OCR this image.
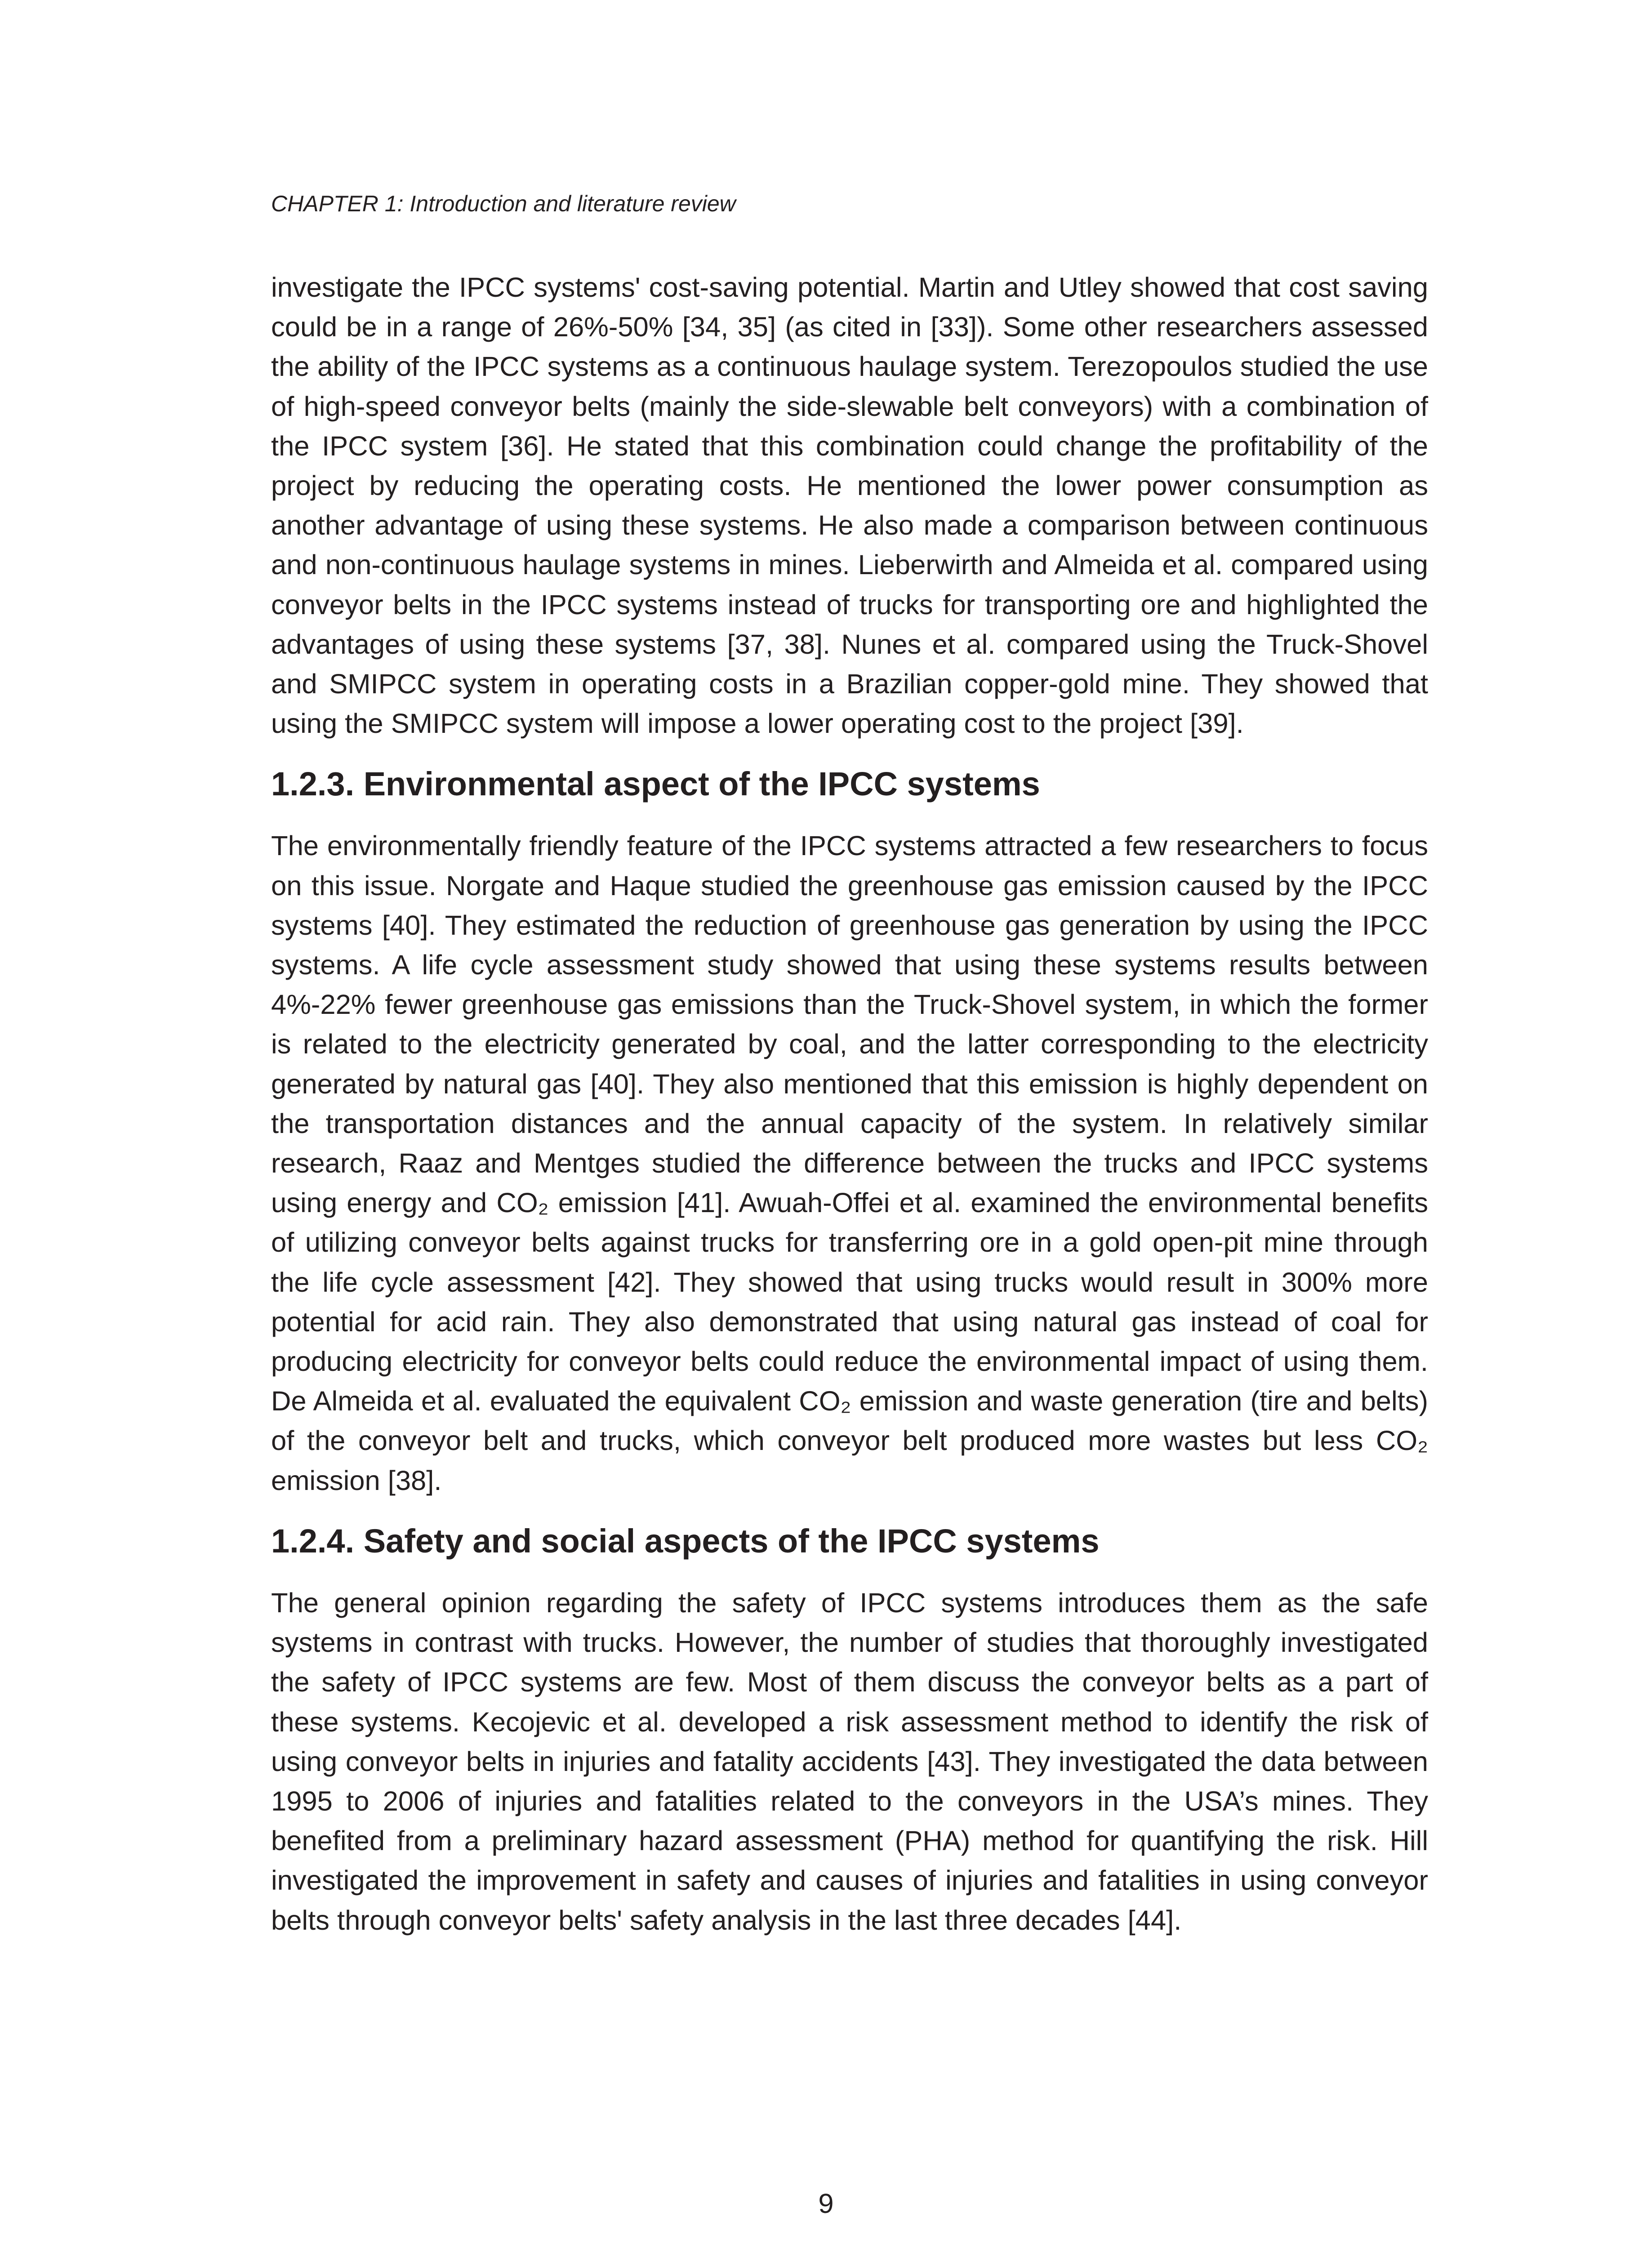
CHAPTER 1: Introduction and literature review

investigate the IPCC systems' cost-saving potential. Martin and Utley showed that cost saving could be in a range of 26%-50% [34, 35] (as cited in [33]). Some other researchers assessed the ability of the IPCC systems as a continuous haulage system. Terezopoulos studied the use of high-speed conveyor belts (mainly the side-slewable belt conveyors) with a combination of the IPCC system [36]. He stated that this combination could change the profitability of the project by reducing the operating costs. He mentioned the lower power consumption as another advantage of using these systems. He also made a comparison between continuous and non-continuous haulage systems in mines. Lieberwirth and Almeida et al. compared using conveyor belts in the IPCC systems instead of trucks for transporting ore and highlighted the advantages of using these systems [37, 38]. Nunes et al. compared using the Truck-Shovel and SMIPCC system in operating costs in a Brazilian copper-gold mine. They showed that using the SMIPCC system will impose a lower operating cost to the project [39].

1.2.3. Environmental aspect of the IPCC systems

The environmentally friendly feature of the IPCC systems attracted a few researchers to focus on this issue. Norgate and Haque studied the greenhouse gas emission caused by the IPCC systems [40]. They estimated the reduction of greenhouse gas generation by using the IPCC systems. A life cycle assessment study showed that using these systems results between 4%-22% fewer greenhouse gas emissions than the Truck-Shovel system, in which the former is related to the electricity generated by coal, and the latter corresponding to the electricity generated by natural gas [40]. They also mentioned that this emission is highly dependent on the transportation distances and the annual capacity of the system. In relatively similar research, Raaz and Mentges studied the difference between the trucks and IPCC systems using energy and CO₂ emission [41]. Awuah-Offei et al. examined the environmental benefits of utilizing conveyor belts against trucks for transferring ore in a gold open-pit mine through the life cycle assessment [42]. They showed that using trucks would result in 300% more potential for acid rain. They also demonstrated that using natural gas instead of coal for producing electricity for conveyor belts could reduce the environmental impact of using them. De Almeida et al. evaluated the equivalent CO₂ emission and waste generation (tire and belts) of the conveyor belt and trucks, which conveyor belt produced more wastes but less CO₂ emission [38].

1.2.4. Safety and social aspects of the IPCC systems

The general opinion regarding the safety of IPCC systems introduces them as the safe systems in contrast with trucks. However, the number of studies that thoroughly investigated the safety of IPCC systems are few. Most of them discuss the conveyor belts as a part of these systems. Kecojevic et al. developed a risk assessment method to identify the risk of using conveyor belts in injuries and fatality accidents [43]. They investigated the data between 1995 to 2006 of injuries and fatalities related to the conveyors in the USA’s mines. They benefited from a preliminary hazard assessment (PHA) method for quantifying the risk. Hill investigated the improvement in safety and causes of injuries and fatalities in using conveyor belts through conveyor belts' safety analysis in the last three decades [44].

9
